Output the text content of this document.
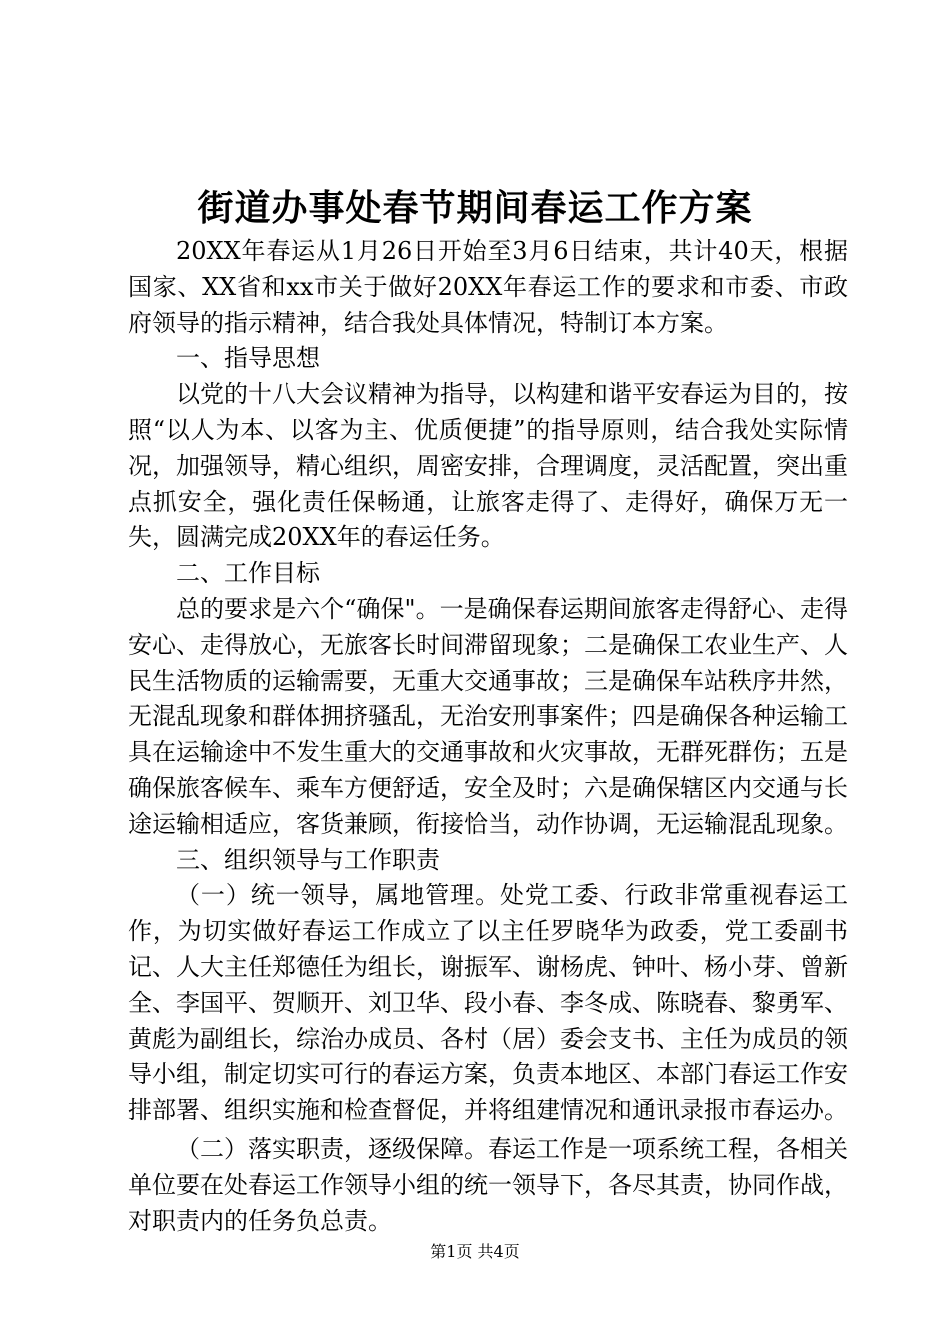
街道办事处春节期间春运工作方案

20XX年春运从1月26日开始至3月6日结束，共计40天，根据国家、XX省和xx市关于做好20XX年春运工作的要求和市委、市政府领导的指示精神，结合我处具体情况，特制订本方案。

一、指导思想

以党的十八大会议精神为指导，以构建和谐平安春运为目的，按照“以人为本、以客为主、优质便捷”的指导原则，结合我处实际情况，加强领导，精心组织，周密安排，合理调度，灵活配置，突出重点抓安全，强化责任保畅通，让旅客走得了、走得好，确保万无一失，圆满完成20XX年的春运任务。

二、工作目标

总的要求是六个“确保"。一是确保春运期间旅客走得舒心、走得安心、走得放心，无旅客长时间滞留现象；二是确保工农业生产、人民生活物质的运输需要，无重大交通事故；三是确保车站秩序井然，无混乱现象和群体拥挤骚乱，无治安刑事案件；四是确保各种运输工具在运输途中不发生重大的交通事故和火灾事故，无群死群伤；五是确保旅客候车、乘车方便舒适，安全及时；六是确保辖区内交通与长途运输相适应，客货兼顾，衔接恰当，动作协调，无运输混乱现象。

三、组织领导与工作职责

（一）统一领导，属地管理。处党工委、行政非常重视春运工作，为切实做好春运工作成立了以主任罗晓华为政委，党工委副书记、人大主任郑德任为组长，谢振军、谢杨虎、钟叶、杨小芽、曾新全、李国平、贺顺开、刘卫华、段小春、李冬成、陈晓春、黎勇军、黄彪为副组长，综治办成员、各村（居）委会支书、主任为成员的领导小组，制定切实可行的春运方案，负责本地区、本部门春运工作安排部署、组织实施和检查督促，并将组建情况和通讯录报市春运办。

（二）落实职责，逐级保障。春运工作是一项系统工程，各相关单位要在处春运工作领导小组的统一领导下，各尽其责，协同作战，对职责内的任务负总责。

第1页 共4页
